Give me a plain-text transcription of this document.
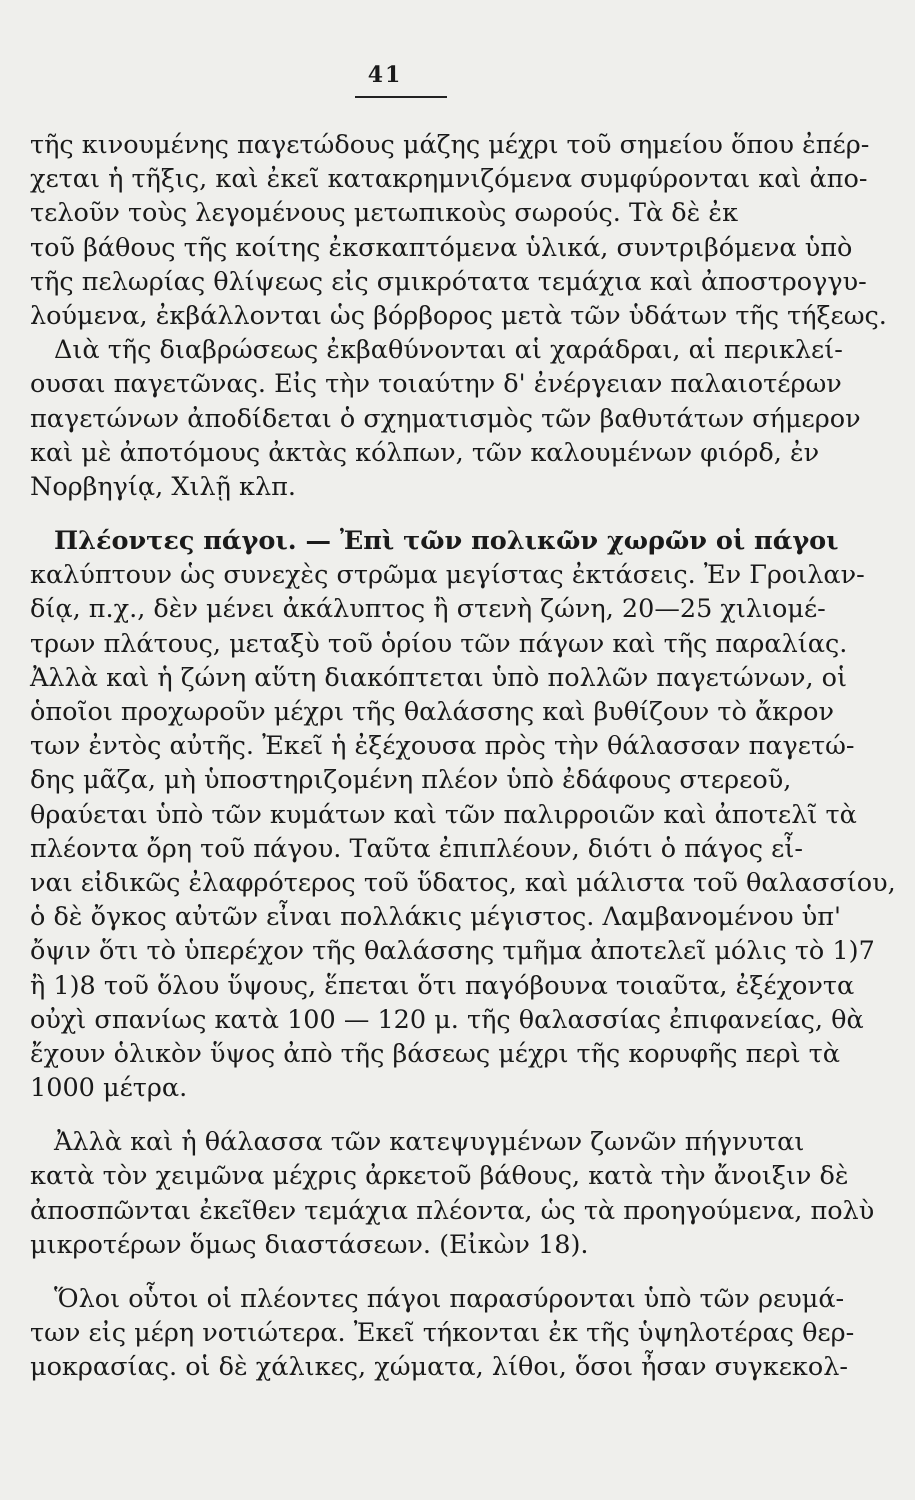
41
τῆς κινουμένης παγετώδους μάζης μέχρι τοῦ σημείου ὅπου ἐπέρ-
χεται ἡ τῆξις, καὶ ἐκεῖ κατακρημνιζόμενα συμφύρονται καὶ ἀπο-
τελοῦν τοὺς λεγομένους μετωπικοὺς σωρούς. Τὰ δὲ ἐκ
τοῦ βάθους τῆς κοίτης ἐκσκαπτόμενα ὑλικά, συντριβόμενα ὑπὸ
τῆς πελωρίας θλίψεως εἰς σμικρότατα τεμάχια καὶ ἀποστρογγυ-
λούμενα, ἐκβάλλονται ὡς βόρβορος μετὰ τῶν ὑδάτων τῆς τήξεως.
Διὰ τῆς διαβρώσεως ἐκβαθύνονται αἱ χαράδραι, αἱ περικλεί-
ουσαι παγετῶνας. Εἰς τὴν τοιαύτην δ' ἐνέργειαν παλαιοτέρων
παγετώνων ἀποδίδεται ὁ σχηματισμὸς τῶν βαθυτάτων σήμερον
καὶ μὲ ἀποτόμους ἀκτὰς κόλπων, τῶν καλουμένων φιόρδ, ἐν
Νορβηγίᾳ, Χιλῇ κλπ.
Πλέοντες πάγοι. — Ἐπὶ τῶν πολικῶν χωρῶν οἱ πάγοι
καλύπτουν ὡς συνεχὲς στρῶμα μεγίστας ἐκτάσεις. Ἐν Γροιλαν-
δίᾳ, π.χ., δὲν μένει ἀκάλυπτος ἢ στενὴ ζώνη, 20—25 χιλιομέ-
τρων πλάτους, μεταξὺ τοῦ ὁρίου τῶν πάγων καὶ τῆς παραλίας.
Ἀλλὰ καὶ ἡ ζώνη αὕτη διακόπτεται ὑπὸ πολλῶν παγετώνων, οἱ
ὁποῖοι προχωροῦν μέχρι τῆς θαλάσσης καὶ βυθίζουν τὸ ἄκρον
των ἐντὸς αὐτῆς. Ἐκεῖ ἡ ἐξέχουσα πρὸς τὴν θάλασσαν παγετώ-
δης μᾶζα, μὴ ὑποστηριζομένη πλέον ὑπὸ ἐδάφους στερεοῦ,
θραύεται ὑπὸ τῶν κυμάτων καὶ τῶν παλιρροιῶν καὶ ἀποτελῖ τὰ
πλέοντα ὄρη τοῦ πάγου. Ταῦτα ἐπιπλέουν, διότι ὁ πάγος εἶ-
ναι εἰδικῶς ἐλαφρότερος τοῦ ὕδατος, καὶ μάλιστα τοῦ θαλασσίου,
ὁ δὲ ὄγκος αὐτῶν εἶναι πολλάκις μέγιστος. Λαμβανομένου ὑπ'
ὄψιν ὅτι τὸ ὑπερέχον τῆς θαλάσσης τμῆμα ἀποτελεῖ μόλις τὸ 1)7
ἢ 1)8 τοῦ ὅλου ὕψους, ἕπεται ὅτι παγόβουνα τοιαῦτα, ἐξέχοντα
οὐχὶ σπανίως κατὰ 100 — 120 μ. τῆς θαλασσίας ἐπιφανείας, θὰ
ἔχουν ὁλικὸν ὕψος ἀπὸ τῆς βάσεως μέχρι τῆς κορυφῆς περὶ τὰ
1000 μέτρα.
Ἀλλὰ καὶ ἡ θάλασσα τῶν κατεψυγμένων ζωνῶν πήγνυται
κατὰ τὸν χειμῶνα μέχρις ἀρκετοῦ βάθους, κατὰ τὴν ἄνοιξιν δὲ
ἀποσπῶνται ἐκεῖθεν τεμάχια πλέοντα, ὡς τὰ προηγούμενα, πολὺ
μικροτέρων ὅμως διαστάσεων. (Εἰκὼν 18).
Ὅλοι οὗτοι οἱ πλέοντες πάγοι παρασύρονται ὑπὸ τῶν ρευμά-
των εἰς μέρη νοτιώτερα. Ἐκεῖ τήκονται ἐκ τῆς ὑψηλοτέρας θερ-
μοκρασίας. οἱ δὲ χάλικες, χώματα, λίθοι, ὅσοι ἦσαν συγκεκολ-
